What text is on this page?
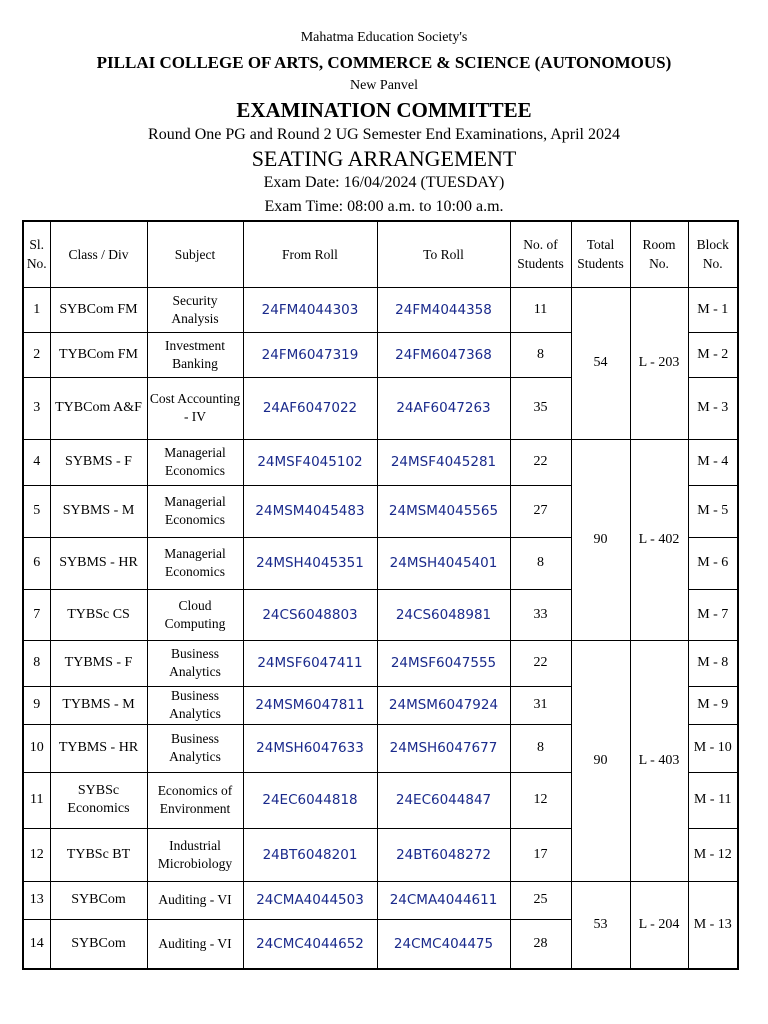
Mahatma Education Society's
PILLAI COLLEGE OF ARTS, COMMERCE & SCIENCE (AUTONOMOUS)
New Panvel
EXAMINATION COMMITTEE
Round One PG and Round 2 UG Semester End Examinations, April 2024
SEATING ARRANGEMENT
Exam Date: 16/04/2024 (TUESDAY)
Exam Time: 08:00 a.m. to 10:00 a.m.
Sl. No.	Class / Div	Subject	From Roll	To Roll	No. of Students	Total Students	Room No.	Block No.
1	SYBCom FM	Security Analysis	24FM4044303	24FM4044358	11	54	L - 203	M - 1
2	TYBCom FM	Investment Banking	24FM6047319	24FM6047368	8			M - 2
3	TYBCom A&F	Cost Accounting - IV	24AF6047022	24AF6047263	35			M - 3
4	SYBMS - F	Managerial Economics	24MSF4045102	24MSF4045281	22	90	L - 402	M - 4
5	SYBMS - M	Managerial Economics	24MSM4045483	24MSM4045565	27			M - 5
6	SYBMS - HR	Managerial Economics	24MSH4045351	24MSH4045401	8			M - 6
7	TYBSc CS	Cloud Computing	24CS6048803	24CS6048981	33			M - 7
8	TYBMS - F	Business Analytics	24MSF6047411	24MSF6047555	22	90	L - 403	M - 8
9	TYBMS - M	Business Analytics	24MSM6047811	24MSM6047924	31			M - 9
10	TYBMS - HR	Business Analytics	24MSH6047633	24MSH6047677	8			M - 10
11	SYBSc Economics	Economics of Environment	24EC6044818	24EC6044847	12			M - 11
12	TYBSc BT	Industrial Microbiology	24BT6048201	24BT6048272	17			M - 12
13	SYBCom	Auditing - VI	24CMA4044503	24CMA4044611	25	53	L - 204	M - 13
14	SYBCom	Auditing - VI	24CMC4044652	24CMC404475	28			
